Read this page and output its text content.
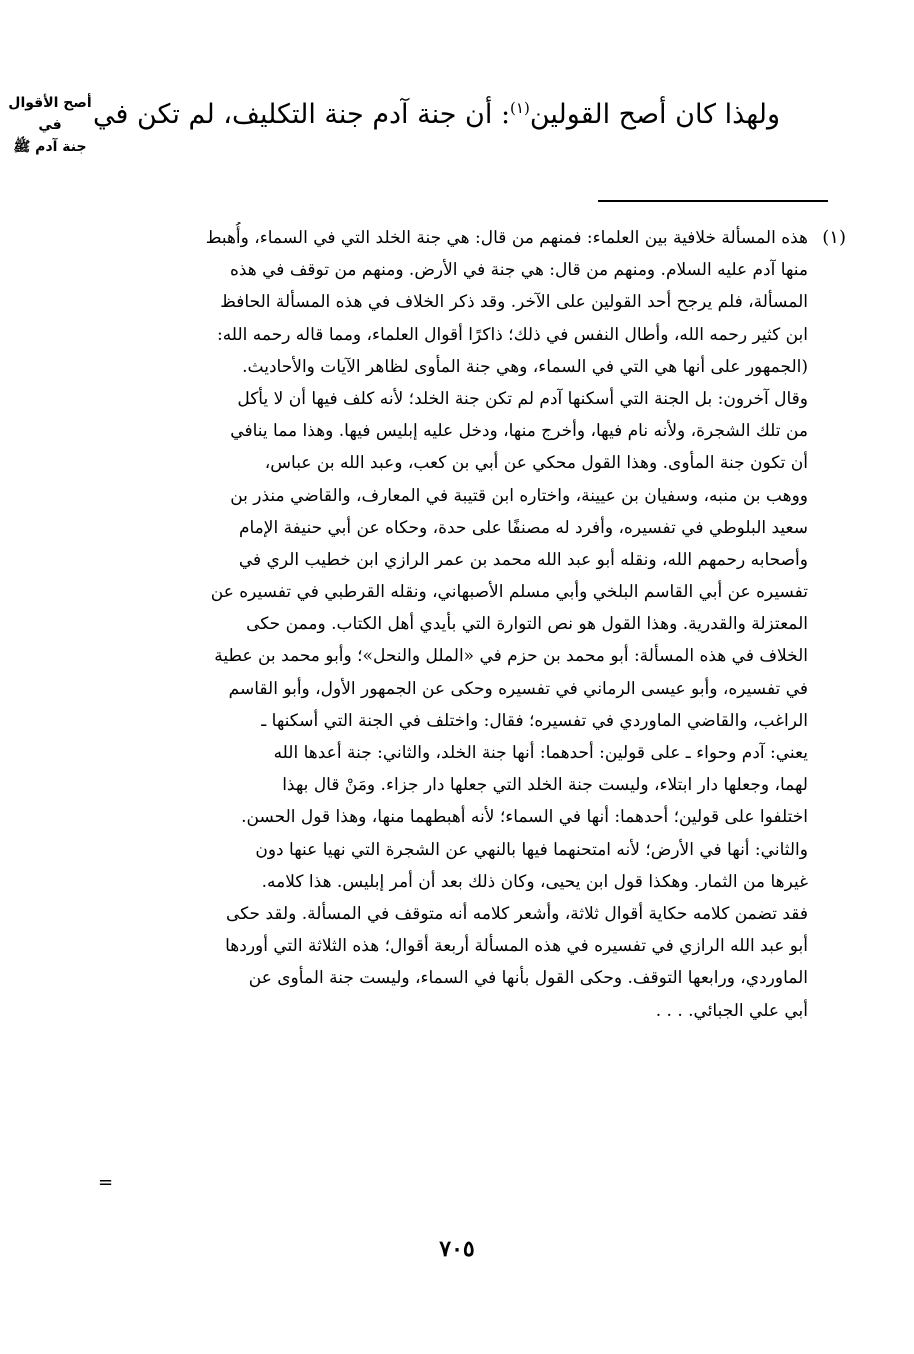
أصح الأقوال في
جنة آدم ﷺ
ولهذا كان أصح القولين$^{(١)}$: أن جنة آدم جنة التكليف، لم تكن في
(١)
هذه المسألة خلافية بين العلماء: فمنهم من قال: هي جنة الخلد التي في السماء، وأُهبط
منها آدم عليه السلام. ومنهم من قال: هي جنة في الأرض. ومنهم من توقف في هذه
المسألة، فلم يرجح أحد القولين على الآخر. وقد ذكر الخلاف في هذه المسألة الحافظ
ابن كثير رحمه الله، وأطال النفس في ذلك؛ ذاكرًا أقوال العلماء، ومما قاله رحمه الله:
(الجمهور على أنها هي التي في السماء، وهي جنة المأوى لظاهر الآيات والأحاديث.
وقال آخرون: بل الجنة التي أسكنها آدم لم تكن جنة الخلد؛ لأنه كلف فيها أن لا يأكل
من تلك الشجرة، ولأنه نام فيها، وأخرج منها، ودخل عليه إبليس فيها. وهذا مما ينافي
أن تكون جنة المأوى. وهذا القول محكي عن أبي بن كعب، وعبد الله بن عباس،
ووهب بن منبه، وسفيان بن عيينة، واختاره ابن قتيبة في المعارف، والقاضي منذر بن
سعيد البلوطي في تفسيره، وأفرد له مصنفًا على حدة، وحكاه عن أبي حنيفة الإمام
وأصحابه رحمهم الله، ونقله أبو عبد الله محمد بن عمر الرازي ابن خطيب الري في
تفسيره عن أبي القاسم البلخي وأبي مسلم الأصبهاني، ونقله القرطبي في تفسيره عن
المعتزلة والقدرية. وهذا القول هو نص التوارة التي بأيدي أهل الكتاب. وممن حكى
الخلاف في هذه المسألة: أبو محمد بن حزم في «الملل والنحل»؛ وأبو محمد بن عطية
في تفسيره، وأبو عيسى الرماني في تفسيره وحكى عن الجمهور الأول، وأبو القاسم
الراغب، والقاضي الماوردي في تفسيره؛ فقال: واختلف في الجنة التي أسكنها ـ
يعني: آدم وحواء ـ على قولين: أحدهما: أنها جنة الخلد، والثاني: جنة أعدها الله
لهما، وجعلها دار ابتلاء، وليست جنة الخلد التي جعلها دار جزاء. ومَنْ قال بهذا
اختلفوا على قولين؛ أحدهما: أنها في السماء؛ لأنه أهبطهما منها، وهذا قول الحسن.
والثاني: أنها في الأرض؛ لأنه امتحنهما فيها بالنهي عن الشجرة التي نهيا عنها دون
غيرها من الثمار. وهكذا قول ابن يحيى، وكان ذلك بعد أن أمر إبليس. هذا كلامه.
فقد تضمن كلامه حكاية أقوال ثلاثة، وأشعر كلامه أنه متوقف في المسألة. ولقد حكى
أبو عبد الله الرازي في تفسيره في هذه المسألة أربعة أقوال؛ هذه الثلاثة التي أوردها
الماوردي، ورابعها التوقف. وحكى القول بأنها في السماء، وليست جنة المأوى عن
أبي علي الجبائي. . . .
=
٧٠٥
